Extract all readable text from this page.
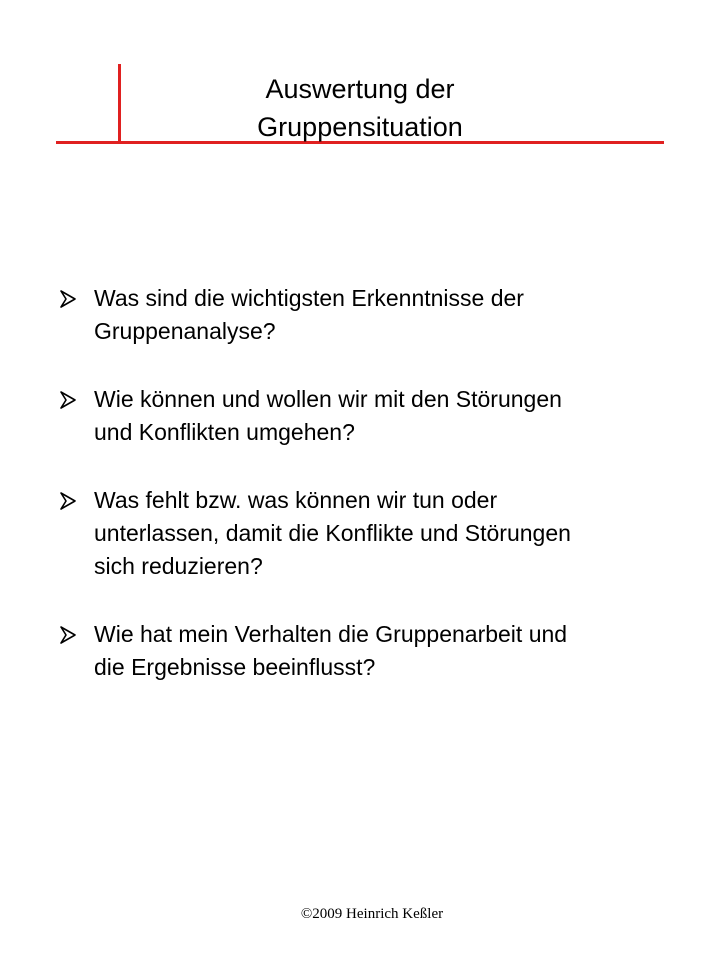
Auswertung der
Gruppensituation
Was sind die wichtigsten Erkenntnisse der
Gruppenanalyse?
Wie können und wollen wir mit den Störungen
und Konflikten umgehen?
Was fehlt bzw. was können wir tun oder
unterlassen, damit die Konflikte und Störungen
sich reduzieren?
Wie hat mein Verhalten die Gruppenarbeit und
die Ergebnisse beeinflusst?
©2009 Heinrich Keßler
